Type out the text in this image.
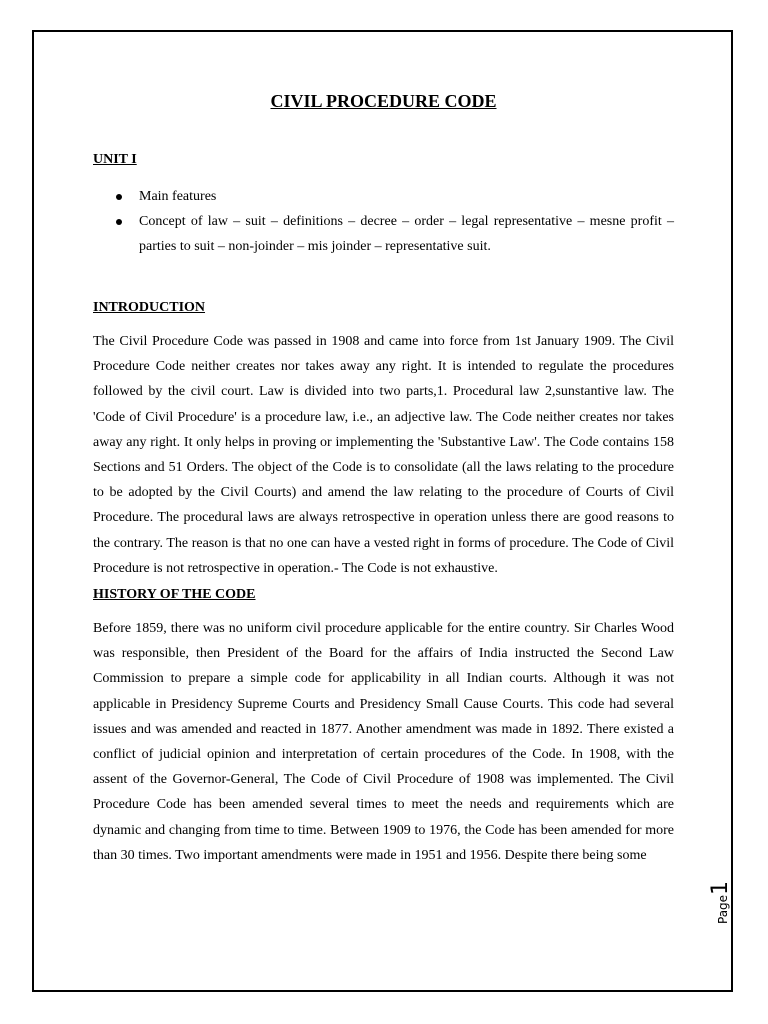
CIVIL PROCEDURE CODE
UNIT I
Main features
Concept of law – suit – definitions – decree – order – legal representative – mesne profit – parties to suit – non-joinder – mis joinder – representative suit.
INTRODUCTION

The Civil Procedure Code was passed in 1908 and came into force from 1st January 1909. The Civil Procedure Code neither creates nor takes away any right. It is intended to regulate the procedures followed by the civil court. Law is divided into two parts,1. Procedural law 2,sunstantive law. The 'Code of Civil Procedure' is a procedure law, i.e., an adjective law. The Code neither creates nor takes away any right. It only helps in proving or implementing the 'Substantive Law'. The Code contains 158 Sections and 51 Orders. The object of the Code is to consolidate (all the laws relating to the procedure to be adopted by the Civil Courts) and amend the law relating to the procedure of Courts of Civil Procedure. The procedural laws are always retrospective in operation unless there are good reasons to the contrary. The reason is that no one can have a vested right in forms of procedure. The Code of Civil Procedure is not retrospective in operation.- The Code is not exhaustive.

HISTORY OF THE CODE

Before 1859, there was no uniform civil procedure applicable for the entire country. Sir Charles Wood was responsible, then President of the Board for the affairs of India instructed the Second Law Commission to prepare a simple code for applicability in all Indian courts. Although it was not applicable in Presidency Supreme Courts and Presidency Small Cause Courts. This code had several issues and was amended and reacted in 1877. Another amendment was made in 1892. There existed a conflict of judicial opinion and interpretation of certain procedures of the Code. In 1908, with the assent of the Governor-General, The Code of Civil Procedure of 1908 was implemented. The Civil Procedure Code has been amended several times to meet the needs and requirements which are dynamic and changing from time to time. Between 1909 to 1976, the Code has been amended for more than 30 times. Two important amendments were made in 1951 and 1956. Despite there being some

Page1
